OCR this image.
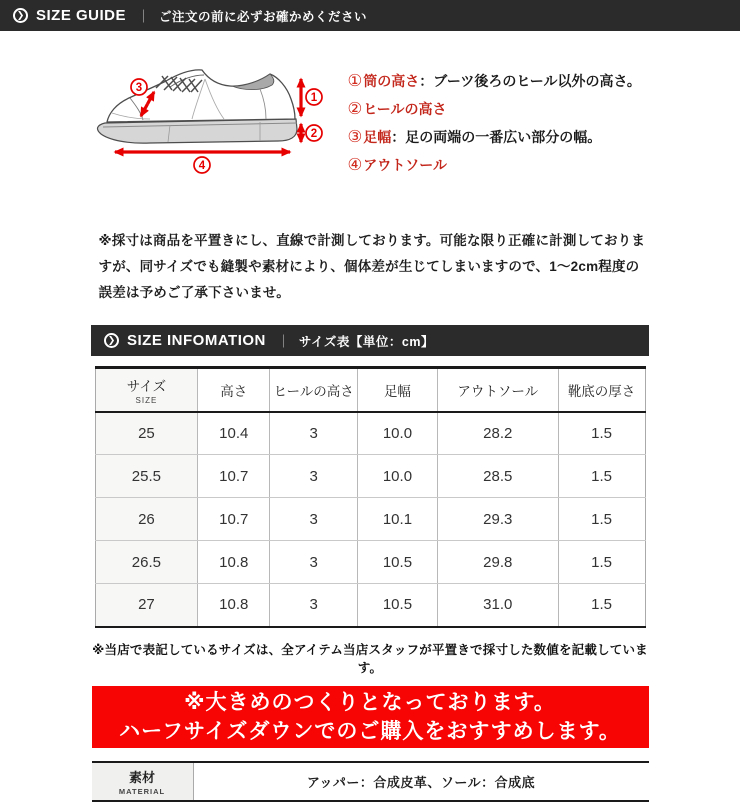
❯ SIZE GUIDE ｜ ご注文の前に必ずお確かめください
1
2
3
4
①筒の高さ：ブーツ後ろのヒール以外の高さ。
②ヒールの高さ
③足幅：足の両端の一番広い部分の幅。
④アウトソール

※採寸は商品を平置きにし、直線で計測しております。可能な限り正確に計測しておりますが、同サイズでも縫製や素材により、個体差が生じてしまいますので、1〜2cm程度の誤差は予めご了承下さいませ。

❯ SIZE INFOMATION ｜ サイズ表【単位：cm】
サイズ
SIZE	高さ	ヒールの高さ	足幅	アウトソール	靴底の厚さ
25	10.4	3	10.0	28.2	1.5
25.5	10.7	3	10.0	28.5	1.5
26	10.7	3	10.1	29.3	1.5
26.5	10.8	3	10.5	29.8	1.5
27	10.8	3	10.5	31.0	1.5

※当店で表記しているサイズは、全アイテム当店スタッフが平置きで採寸した数値を記載しています。

※大きめのつくりとなっております。
ハーフサイズダウンでのご購入をおすすめします。
素材
MATERIAL
アッパー：合成皮革、ソール：合成底
